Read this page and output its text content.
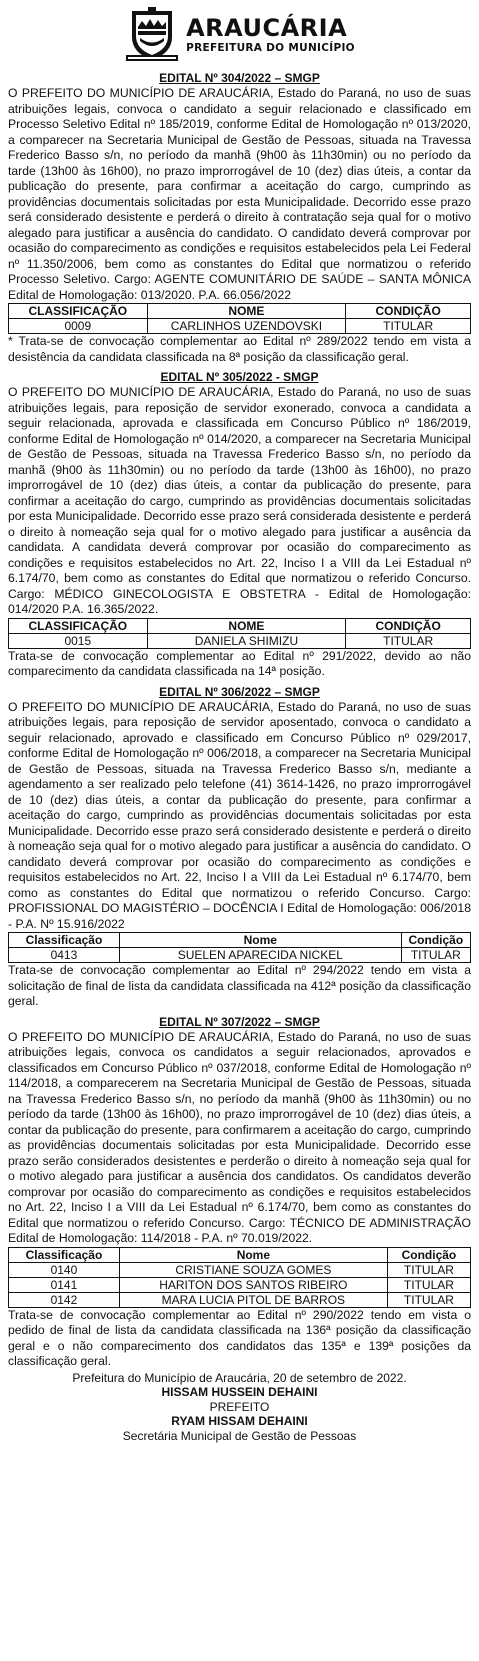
ARAUCÁRIA
PREFEITURA DO MUNICÍPIO
EDITAL Nº 304/2022 – SMGP

O PREFEITO DO MUNICÍPIO DE ARAUCÁRIA, Estado do Paraná, no uso de suas atribuições legais, convoca o candidato a seguir relacionado e classificado em Processo Seletivo Edital nº 185/2019, conforme Edital de Homologação nº 013/2020, a comparecer na Secretaria Municipal de Gestão de Pessoas, situada na Travessa Frederico Basso s/n, no período da manhã (9h00 às 11h30min) ou no período da tarde (13h00 às 16h00), no prazo improrrogável de 10 (dez) dias úteis, a contar da publicação do presente, para confirmar a aceitação do cargo, cumprindo as providências documentais solicitadas por esta Municipalidade. Decorrido esse prazo será considerado desistente e perderá o direito à contratação seja qual for o motivo alegado para justificar a ausência do candidato. O candidato deverá comprovar por ocasião do comparecimento as condições e requisitos estabelecidos pela Lei Federal nº 11.350/2006, bem como as constantes do Edital que normatizou o referido Processo Seletivo. Cargo: AGENTE COMUNITÁRIO DE SAÚDE – SANTA MÔNICA Edital de Homologação: 013/2020. P.A. 66.056/2022

CLASSIFICAÇÃO	NOME	CONDIÇÃO
0009	CARLINHOS UZENDOVSKI	TITULAR

* Trata-se de convocação complementar ao Edital nº 289/2022 tendo em vista a desistência da candidata classificada na 8ª posição da classificação geral.

EDITAL Nº 305/2022 - SMGP

O PREFEITO DO MUNICÍPIO DE ARAUCÁRIA, Estado do Paraná, no uso de suas atribuições legais, para reposição de servidor exonerado, convoca a candidata a seguir relacionada, aprovada e classificada em Concurso Público nº 186/2019, conforme Edital de Homologação nº 014/2020, a comparecer na Secretaria Municipal de Gestão de Pessoas, situada na Travessa Frederico Basso s/n, no período da manhã (9h00 às 11h30min) ou no período da tarde (13h00 às 16h00), no prazo improrrogável de 10 (dez) dias úteis, a contar da publicação do presente, para confirmar a aceitação do cargo, cumprindo as providências documentais solicitadas por esta Municipalidade. Decorrido esse prazo será considerada desistente e perderá o direito à nomeação seja qual for o motivo alegado para justificar a ausência da candidata. A candidata deverá comprovar por ocasião do comparecimento as condições e requisitos estabelecidos no Art. 22, Inciso I a VIII da Lei Estadual nº 6.174/70, bem como as constantes do Edital que normatizou o referido Concurso. Cargo: MÉDICO GINECOLOGISTA E OBSTETRA - Edital de Homologação: 014/2020 P.A. 16.365/2022.

CLASSIFICAÇÃO	NOME	CONDIÇÃO
0015	DANIELA SHIMIZU	TITULAR

Trata-se de convocação complementar ao Edital nº 291/2022, devido ao não comparecimento da candidata classificada na 14ª posição.

EDITAL Nº 306/2022 – SMGP

O PREFEITO DO MUNICÍPIO DE ARAUCÁRIA, Estado do Paraná, no uso de suas atribuições legais, para reposição de servidor aposentado, convoca o candidato a seguir relacionado, aprovado e classificado em Concurso Público nº 029/2017, conforme Edital de Homologação nº 006/2018, a comparecer na Secretaria Municipal de Gestão de Pessoas, situada na Travessa Frederico Basso s/n, mediante a agendamento a ser realizado pelo telefone (41) 3614-1426, no prazo improrrogável de 10 (dez) dias úteis, a contar da publicação do presente, para confirmar a aceitação do cargo, cumprindo as providências documentais solicitadas por esta Municipalidade. Decorrido esse prazo será considerado desistente e perderá o direito à nomeação seja qual for o motivo alegado para justificar a ausência do candidato. O candidato deverá comprovar por ocasião do comparecimento as condições e requisitos estabelecidos no Art. 22, Inciso I a VIII da Lei Estadual nº 6.174/70, bem como as constantes do Edital que normatizou o referido Concurso. Cargo: PROFISSIONAL DO MAGISTÉRIO – DOCÊNCIA I Edital de Homologação: 006/2018 - P.A. Nº 15.916/2022

Classificação	Nome	Condição
0413	SUELEN APARECIDA NICKEL	TITULAR

Trata-se de convocação complementar ao Edital nº 294/2022 tendo em vista a solicitação de final de lista da candidata classificada na 412ª posição da classificação geral.

EDITAL Nº 307/2022 – SMGP

O PREFEITO DO MUNICÍPIO DE ARAUCÁRIA, Estado do Paraná, no uso de suas atribuições legais, convoca os candidatos a seguir relacionados, aprovados e classificados em Concurso Público nº 037/2018, conforme Edital de Homologação nº 114/2018, a comparecerem na Secretaria Municipal de Gestão de Pessoas, situada na Travessa Frederico Basso s/n, no período da manhã (9h00 às 11h30min) ou no período da tarde (13h00 às 16h00), no prazo improrrogável de 10 (dez) dias úteis, a contar da publicação do presente, para confirmarem a aceitação do cargo, cumprindo as providências documentais solicitadas por esta Municipalidade. Decorrido esse prazo serão considerados desistentes e perderão o direito à nomeação seja qual for o motivo alegado para justificar a ausência dos candidatos. Os candidatos deverão comprovar por ocasião do comparecimento as condições e requisitos estabelecidos no Art. 22, Inciso I a VIII da Lei Estadual nº 6.174/70, bem como as constantes do Edital que normatizou o referido Concurso. Cargo: TÉCNICO DE ADMINISTRAÇÃO Edital de Homologação: 114/2018 - P.A. nº 70.019/2022.

Classificação	Nome	Condição
0140	CRISTIANE SOUZA GOMES	TITULAR
0141	HARITON DOS SANTOS RIBEIRO	TITULAR
0142	MARA LUCIA PITOL DE BARROS	TITULAR

Trata-se de convocação complementar ao Edital nº 290/2022 tendo em vista o pedido de final de lista da candidata classificada na 136ª posição da classificação geral e o não comparecimento dos candidatos das 135ª e 139ª posições da classificação geral.

Prefeitura do Município de Araucária, 20 de setembro de 2022.
HISSAM HUSSEIN DEHAINI
PREFEITO
RYAM HISSAM DEHAINI
Secretária Municipal de Gestão de Pessoas
